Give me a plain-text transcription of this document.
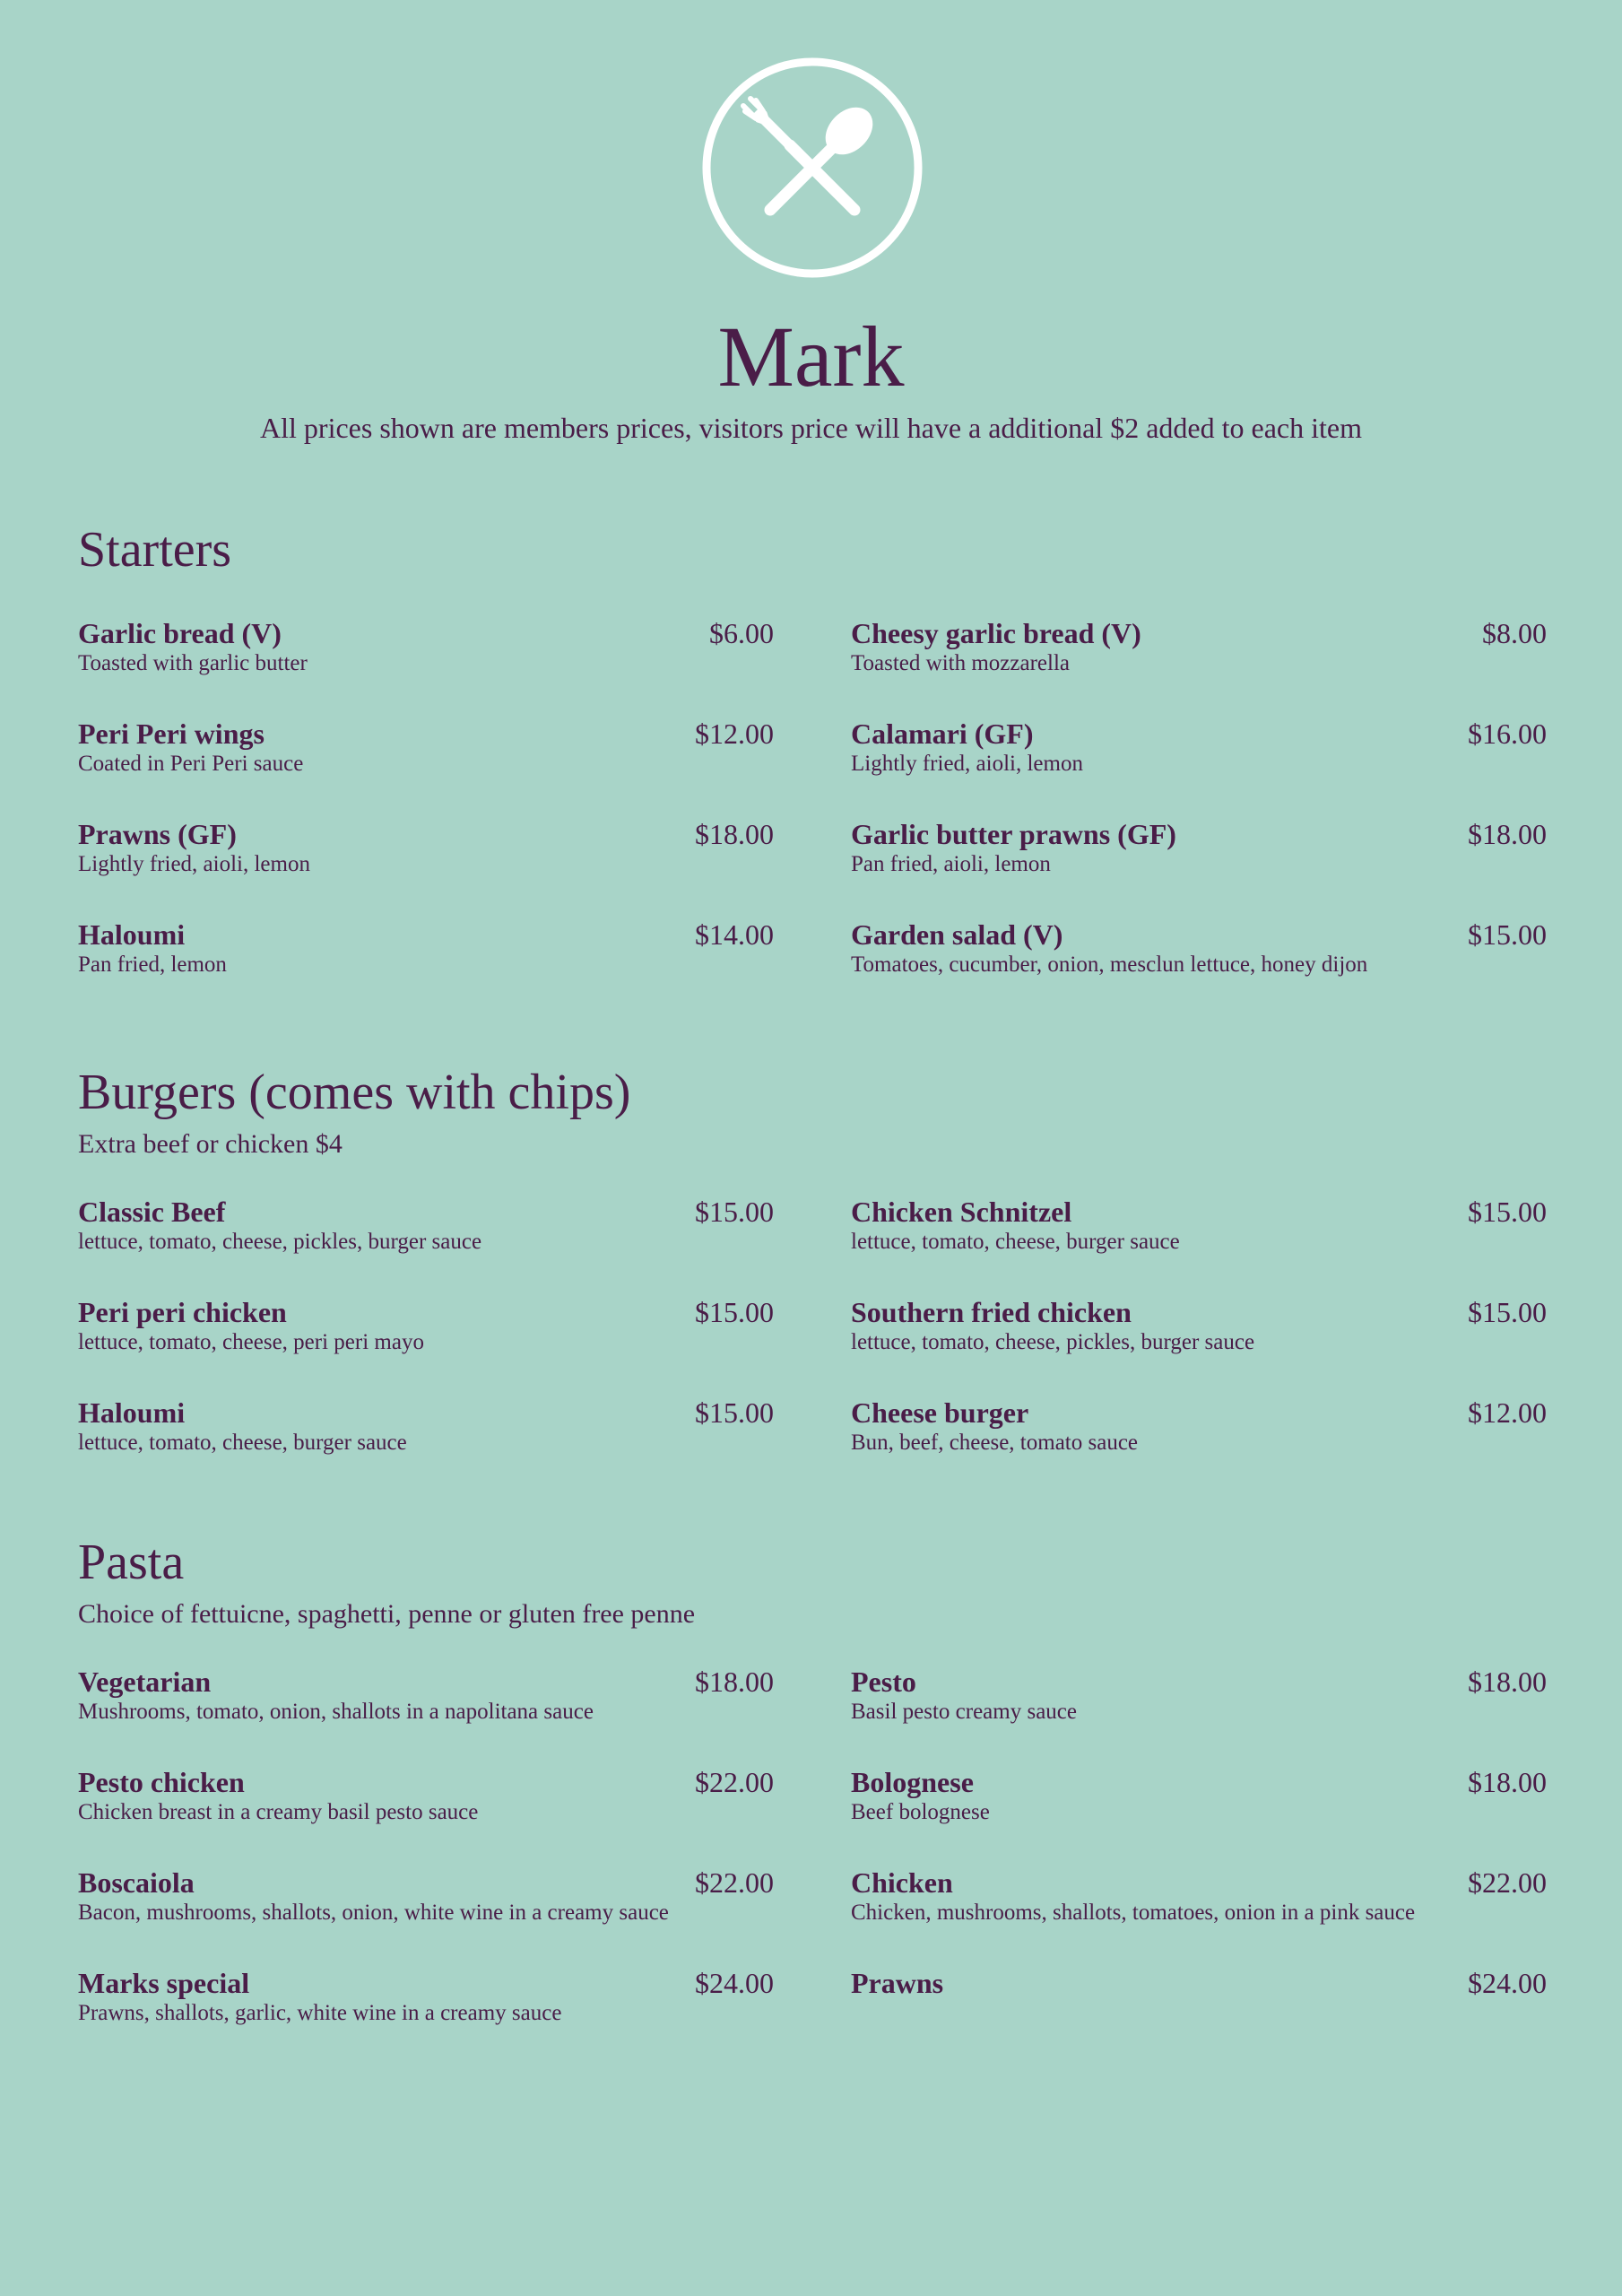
Mark
All prices shown are members prices, visitors price will have a additional $2 added to each item
Starters
Garlic bread (V)	$6.00
Toasted with garlic butter
Cheesy garlic bread (V)	$8.00
Toasted with mozzarella
Peri Peri wings	$12.00
Coated in Peri Peri sauce
Calamari (GF)	$16.00
Lightly fried, aioli, lemon
Prawns (GF)	$18.00
Lightly fried, aioli, lemon
Garlic butter prawns (GF)	$18.00
Pan fried, aioli, lemon
Haloumi	$14.00
Pan fried, lemon
Garden salad (V)	$15.00
Tomatoes, cucumber, onion, mesclun lettuce, honey dijon
Burgers (comes with chips)
Extra beef or chicken $4
Classic Beef	$15.00
lettuce, tomato, cheese, pickles, burger sauce
Chicken Schnitzel	$15.00
lettuce, tomato, cheese, burger sauce
Peri peri chicken	$15.00
lettuce, tomato, cheese, peri peri mayo
Southern fried chicken	$15.00
lettuce, tomato, cheese, pickles, burger sauce
Haloumi	$15.00
lettuce, tomato, cheese, burger sauce
Cheese burger	$12.00
Bun, beef, cheese, tomato sauce
Pasta
Choice of fettuicne, spaghetti, penne or gluten free penne
Vegetarian	$18.00
Mushrooms, tomato, onion, shallots in a napolitana sauce
Pesto	$18.00
Basil pesto creamy sauce
Pesto chicken	$22.00
Chicken breast in a creamy basil pesto sauce
Bolognese	$18.00
Beef bolognese
Boscaiola	$22.00
Bacon, mushrooms, shallots, onion, white wine in a creamy sauce
Chicken	$22.00
Chicken, mushrooms, shallots, tomatoes, onion in a pink sauce
Marks special	$24.00
Prawns, shallots, garlic, white wine in a creamy sauce
Prawns	$24.00
